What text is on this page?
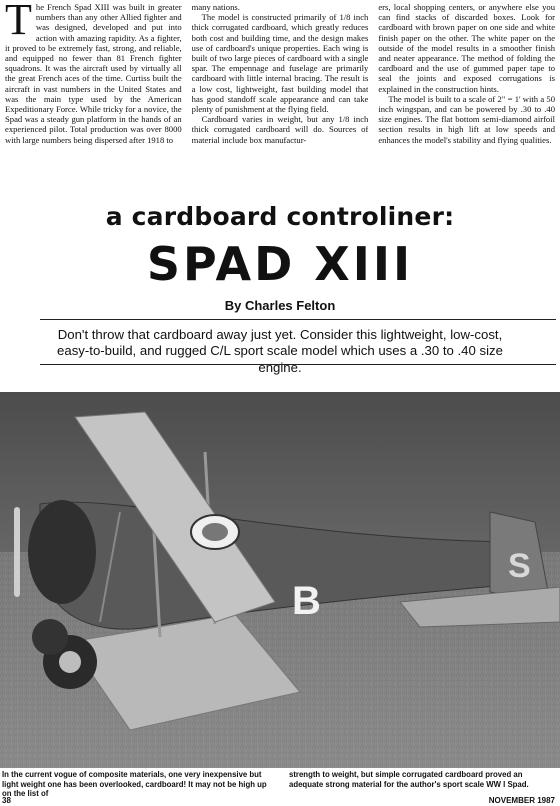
The French Spad XIII was built in greater numbers than any other Allied fighter and was designed, developed and put into action with amazing rapidity. As a fighter, it proved to be extremely fast, strong, and reliable, and equipped no fewer than 81 French fighter squadrons. It was the aircraft used by virtually all the great French aces of the time. Curtiss built the aircraft in vast numbers in the United States and was the main type used by the American Expeditionary Force. While tricky for a novice, the Spad was a steady gun platform in the hands of an experienced pilot. Total production was over 8000 with large numbers being dispersed after 1918 to

many nations.

The model is constructed primarily of 1/8 inch thick corrugated cardboard, which greatly reduces both cost and building time, and the design makes use of cardboard's unique properties. Each wing is built of two large pieces of cardboard with a single spar. The empennage and fuselage are primarily cardboard with little internal bracing. The result is a low cost, lightweight, fast building model that has good standoff scale appearance and can take plenty of punishment at the flying field.

Cardboard varies in weight, but any 1/8 inch thick corrugated cardboard will do. Sources of material include box manufactur-

ers, local shopping centers, or anywhere else you can find stacks of discarded boxes. Look for cardboard with brown paper on one side and white finish paper on the other. The white paper on the outside of the model results in a smoother finish and neater appearance. The method of folding the cardboard and the use of gummed paper tape to seal the joints and exposed corrugations is explained in the construction hints.

The model is built to a scale of 2" = 1' with a 50 inch wingspan, and can be powered by .30 to .40 size engines. The flat bottom semi-diamond airfoil section results in high lift at low speeds and enhances the model's stability and flying qualities.

a cardboard controliner:
SPAD XIII
By Charles Felton
Don't throw that cardboard away just yet. Consider this lightweight, low-cost, easy-to-build, and rugged C/L sport scale model which uses a .30 to .40 size engine.
B
S
In the current vogue of composite materials, one very inexpensive but light weight one has been overlooked, cardboard! It may not be high up on the list of
strength to weight, but simple corrugated cardboard proved an adequate strong material for the author's sport scale WW I Spad.
38	NOVEMBER 1987
